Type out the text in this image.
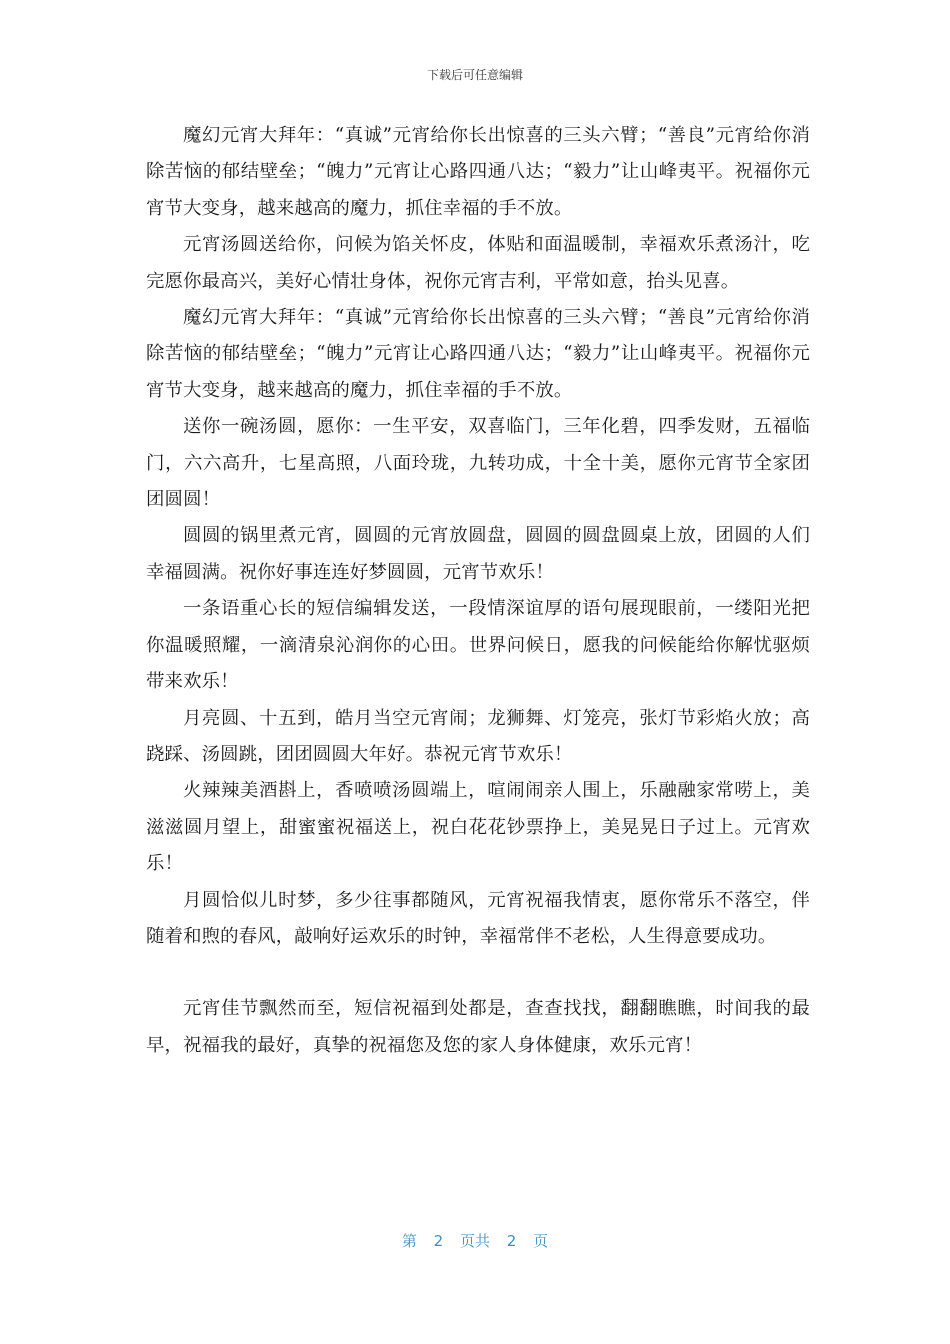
下载后可任意编辑

魔幻元宵大拜年：“真诚”元宵给你长出惊喜的三头六臂；“善良”元宵给你消除苦恼的郁结壁垒；“魄力”元宵让心路四通八达；“毅力”让山峰夷平。祝福你元宵节大变身，越来越高的魔力，抓住幸福的手不放。

元宵汤圆送给你，问候为馅关怀皮，体贴和面温暖制，幸福欢乐煮汤汁，吃完愿你最高兴，美好心情壮身体，祝你元宵吉利，平常如意，抬头见喜。

魔幻元宵大拜年：“真诚”元宵给你长出惊喜的三头六臂；“善良”元宵给你消除苦恼的郁结壁垒；“魄力”元宵让心路四通八达；“毅力”让山峰夷平。祝福你元宵节大变身，越来越高的魔力，抓住幸福的手不放。

送你一碗汤圆，愿你：一生平安，双喜临门，三年化碧，四季发财，五福临门，六六高升，七星高照，八面玲珑，九转功成，十全十美，愿你元宵节全家团团圆圆！

圆圆的锅里煮元宵，圆圆的元宵放圆盘，圆圆的圆盘圆桌上放，团圆的人们幸福圆满。祝你好事连连好梦圆圆，元宵节欢乐！

一条语重心长的短信编辑发送，一段情深谊厚的语句展现眼前，一缕阳光把你温暖照耀，一滴清泉沁润你的心田。世界问候日，愿我的问候能给你解忧驱烦带来欢乐！

月亮圆、十五到，皓月当空元宵闹；龙狮舞、灯笼亮，张灯节彩焰火放；高跷踩、汤圆跳，团团圆圆大年好。恭祝元宵节欢乐！

火辣辣美酒斟上，香喷喷汤圆端上，喧闹闹亲人围上，乐融融家常唠上，美滋滋圆月望上，甜蜜蜜祝福送上，祝白花花钞票挣上，美晃晃日子过上。元宵欢乐！

月圆恰似儿时梦，多少往事都随风，元宵祝福我情衷，愿你常乐不落空，伴随着和煦的春风，敲响好运欢乐的时钟，幸福常伴不老松，人生得意要成功。

元宵佳节飘然而至，短信祝福到处都是，查查找找，翻翻瞧瞧，时间我的最早，祝福我的最好，真挚的祝福您及您的家人身体健康，欢乐元宵！

第 2 页共 2 页
